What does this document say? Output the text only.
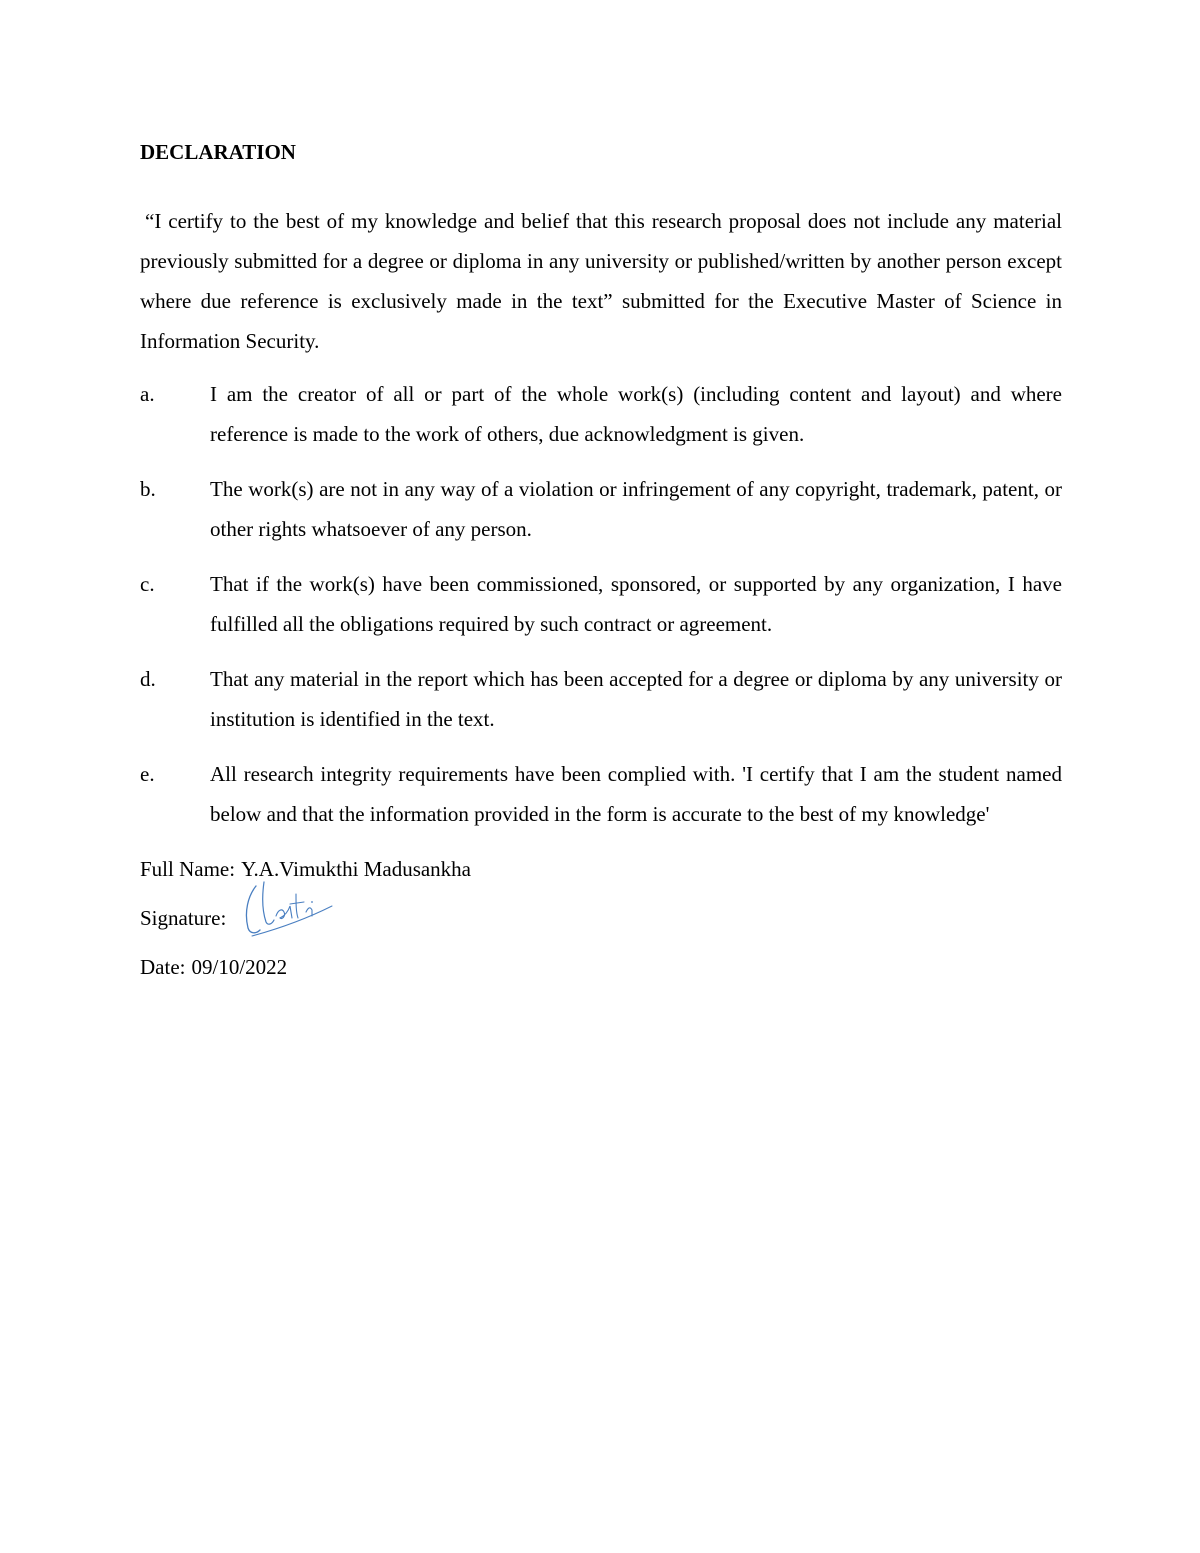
DECLARATION

“I certify to the best of my knowledge and belief that this research proposal does not include any material previously submitted for a degree or diploma in any university or published/written by another person except where due reference is exclusively made in the text” submitted for the Executive Master of Science in Information Security.

a.	I am the creator of all or part of the whole work(s) (including content and layout) and where reference is made to the work of others, due acknowledgment is given.
b.	The work(s) are not in any way of a violation or infringement of any copyright, trademark, patent, or other rights whatsoever of any person.
c.	That if the work(s) have been commissioned, sponsored, or supported by any organization, I have fulfilled all the obligations required by such contract or agreement.
d.	That any material in the report which has been accepted for a degree or diploma by any university or institution is identified in the text.
e.	All research integrity requirements have been complied with. 'I certify that I am the student named below and that the information provided in the form is accurate to the best of my knowledge'
Full Name: Y.A.Vimukthi Madusankha
Signature:
Date: 09/10/2022
